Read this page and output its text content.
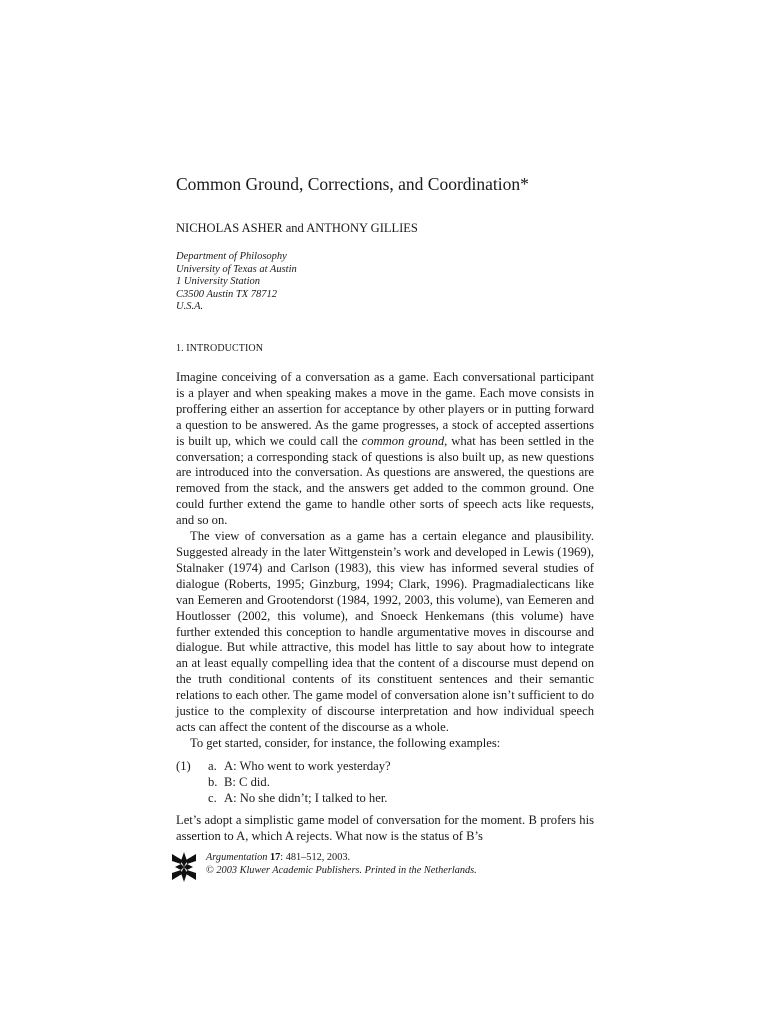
Common Ground, Corrections, and Coordination*
NICHOLAS ASHER and ANTHONY GILLIES
Department of Philosophy
University of Texas at Austin
1 University Station
C3500 Austin TX 78712
U.S.A.
1. INTRODUCTION

Imagine conceiving of a conversation as a game. Each conversational participant is a player and when speaking makes a move in the game. Each move consists in proffering either an assertion for acceptance by other players or in putting forward a question to be answered. As the game progresses, a stock of accepted assertions is built up, which we could call the common ground, what has been settled in the conversation; a corresponding stack of questions is also built up, as new questions are introduced into the conversation. As questions are answered, the questions are removed from the stack, and the answers get added to the common ground. One could further extend the game to handle other sorts of speech acts like requests, and so on.

The view of conversation as a game has a certain elegance and plausibility. Suggested already in the later Wittgenstein’s work and developed in Lewis (1969), Stalnaker (1974) and Carlson (1983), this view has informed several studies of dialogue (Roberts, 1995; Ginzburg, 1994; Clark, 1996). Pragmadialecticans like van Eemeren and Grootendorst (1984, 1992, 2003, this volume), van Eemeren and Houtlosser (2002, this volume), and Snoeck Henkemans (this volume) have further extended this conception to handle argumentative moves in discourse and dialogue. But while attractive, this model has little to say about how to integrate an at least equally compelling idea that the content of a discourse must depend on the truth conditional contents of its constituent sentences and their semantic relations to each other. The game model of conversation alone isn’t sufficient to do justice to the complexity of discourse interpretation and how individual speech acts can affect the content of the discourse as a whole.

To get started, consider, for instance, the following examples:

(1)	a. A: Who went to work yesterday?
b. B: C did.
c. A: No she didn’t; I talked to her.

Let’s adopt a simplistic game model of conversation for the moment. B profers his assertion to A, which A rejects. What now is the status of B’s

Argumentation 17: 481–512, 2003.
© 2003 Kluwer Academic Publishers. Printed in the Netherlands.
